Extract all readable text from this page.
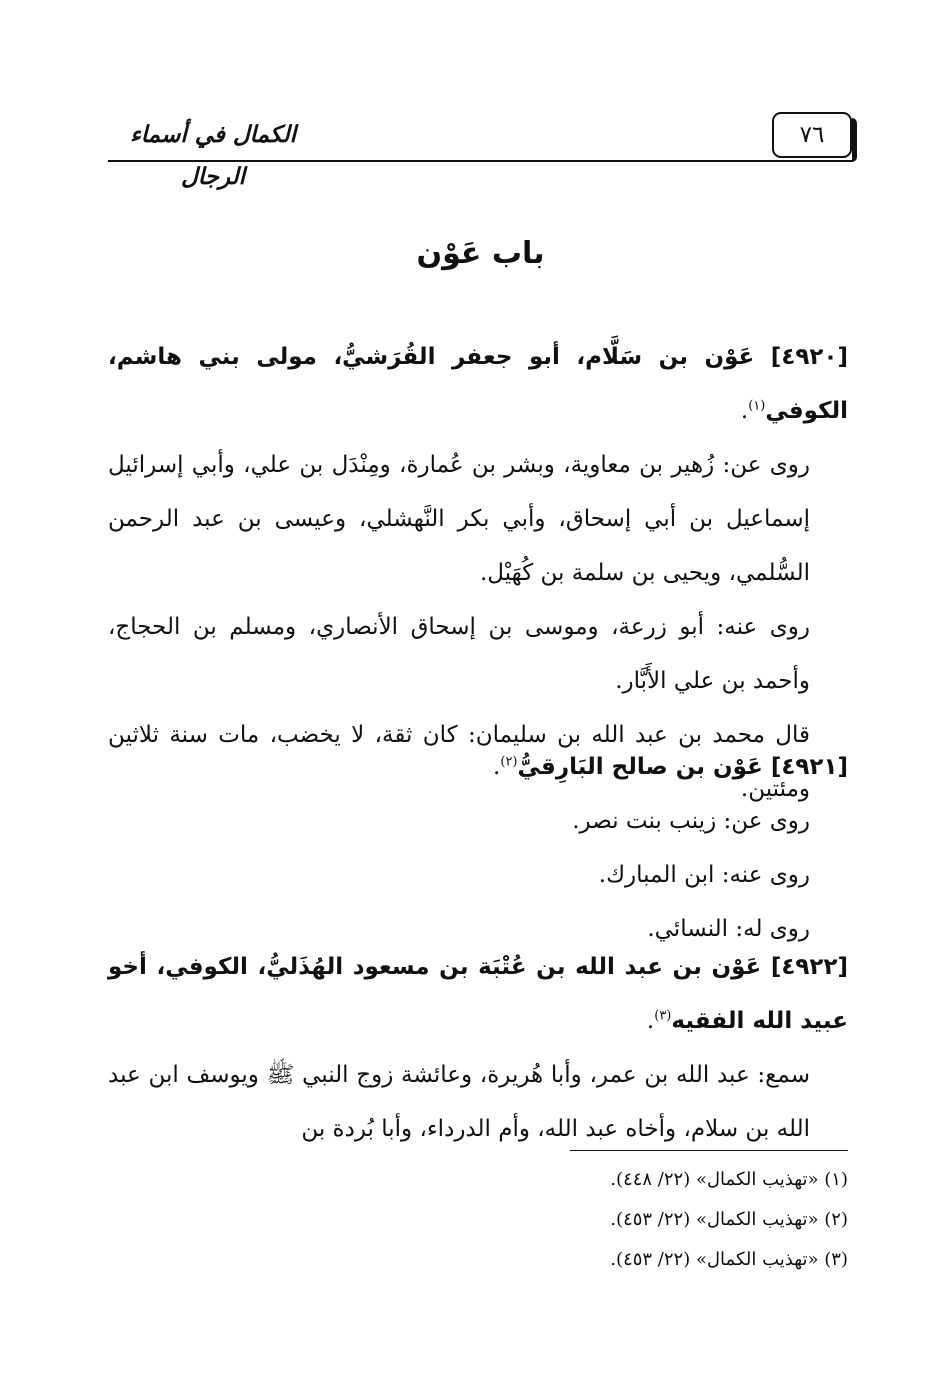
٧٦
الكمال في أسماء الرجال
باب عَوْن

[٤٩٢٠] عَوْن بن سَلَّام، أبو جعفر القُرَشيُّ، مولى بني هاشم، الكوفي$^{(١)}$.

روى عن: زُهير بن معاوية، وبشر بن عُمارة، ومِنْدَل بن علي، وأبي إسرائيل إسماعيل بن أبي إسحاق، وأبي بكر النَّهشلي، وعيسى بن عبد الرحمن السُّلمي، ويحيى بن سلمة بن كُهَيْل.

روى عنه: أبو زرعة، وموسى بن إسحاق الأنصاري، ومسلم بن الحجاج، وأحمد بن علي الأَبَّار.

قال محمد بن عبد الله بن سليمان: كان ثقة، لا يخضب، مات سنة ثلاثين ومئتين.

[٤٩٢١] عَوْن بن صالح البَارِقيُّ$^{(٢)}$.

روى عن: زينب بنت نصر.

روى عنه: ابن المبارك.

روى له: النسائي.

[٤٩٢٢] عَوْن بن عبد الله بن عُتْبَة بن مسعود الهُذَليُّ، الكوفي، أخو عبيد الله الفقيه$^{(٣)}$.

سمع: عبد الله بن عمر، وأبا هُريرة، وعائشة زوج النبي ﷺ ويوسف ابن عبد الله بن سلام، وأخاه عبد الله، وأم الدرداء، وأبا بُردة بن

(١) «تهذيب الكمال» (٢٢/ ٤٤٨).

(٢) «تهذيب الكمال» (٢٢/ ٤٥٣).

(٣) «تهذيب الكمال» (٢٢/ ٤٥٣).
